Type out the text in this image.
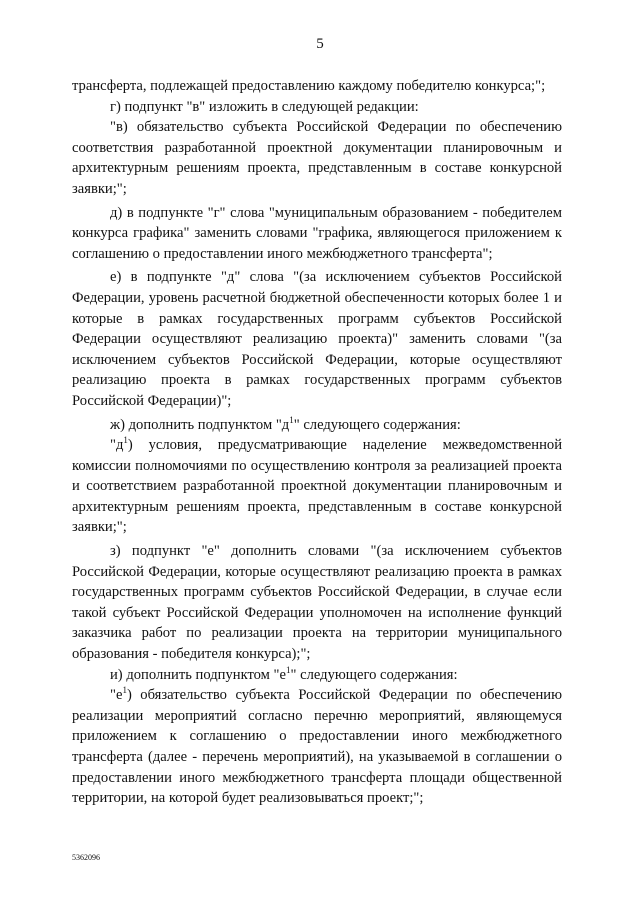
5

трансферта, подлежащей предоставлению каждому победителю конкурса;";

г) подпункт "в" изложить в следующей редакции:

"в) обязательство субъекта Российской Федерации по обеспечению соответствия разработанной проектной документации планировочным и архитектурным решениям проекта, представленным в составе конкурсной заявки;";

д) в подпункте "г" слова "муниципальным образованием - победителем конкурса графика" заменить словами "графика, являющегося приложением к соглашению о предоставлении иного межбюджетного трансферта";

е) в подпункте "д" слова "(за исключением субъектов Российской Федерации, уровень расчетной бюджетной обеспеченности которых более 1 и которые в рамках государственных программ субъектов Российской Федерации осуществляют реализацию проекта)" заменить словами "(за исключением субъектов Российской Федерации, которые осуществляют реализацию проекта в рамках государственных программ субъектов Российской Федерации)";

ж) дополнить подпунктом "$д^1$" следующего содержания:

"$д^1$) условия, предусматривающие наделение межведомственной комиссии полномочиями по осуществлению контроля за реализацией проекта и соответствием разработанной проектной документации планировочным и архитектурным решениям проекта, представленным в составе конкурсной заявки;";

з) подпункт "е" дополнить словами "(за исключением субъектов Российской Федерации, которые осуществляют реализацию проекта в рамках государственных программ субъектов Российской Федерации, в случае если такой субъект Российской Федерации уполномочен на исполнение функций заказчика работ по реализации проекта на территории муниципального образования - победителя конкурса);";

и) дополнить подпунктом "$е^1$" следующего содержания:

"$е^1$) обязательство субъекта Российской Федерации по обеспечению реализации мероприятий согласно перечню мероприятий, являющемуся приложением к соглашению о предоставлении иного межбюджетного трансферта (далее - перечень мероприятий), на указываемой в соглашении о предоставлении иного межбюджетного трансферта площади общественной территории, на которой будет реализовываться проект;";

5362096
